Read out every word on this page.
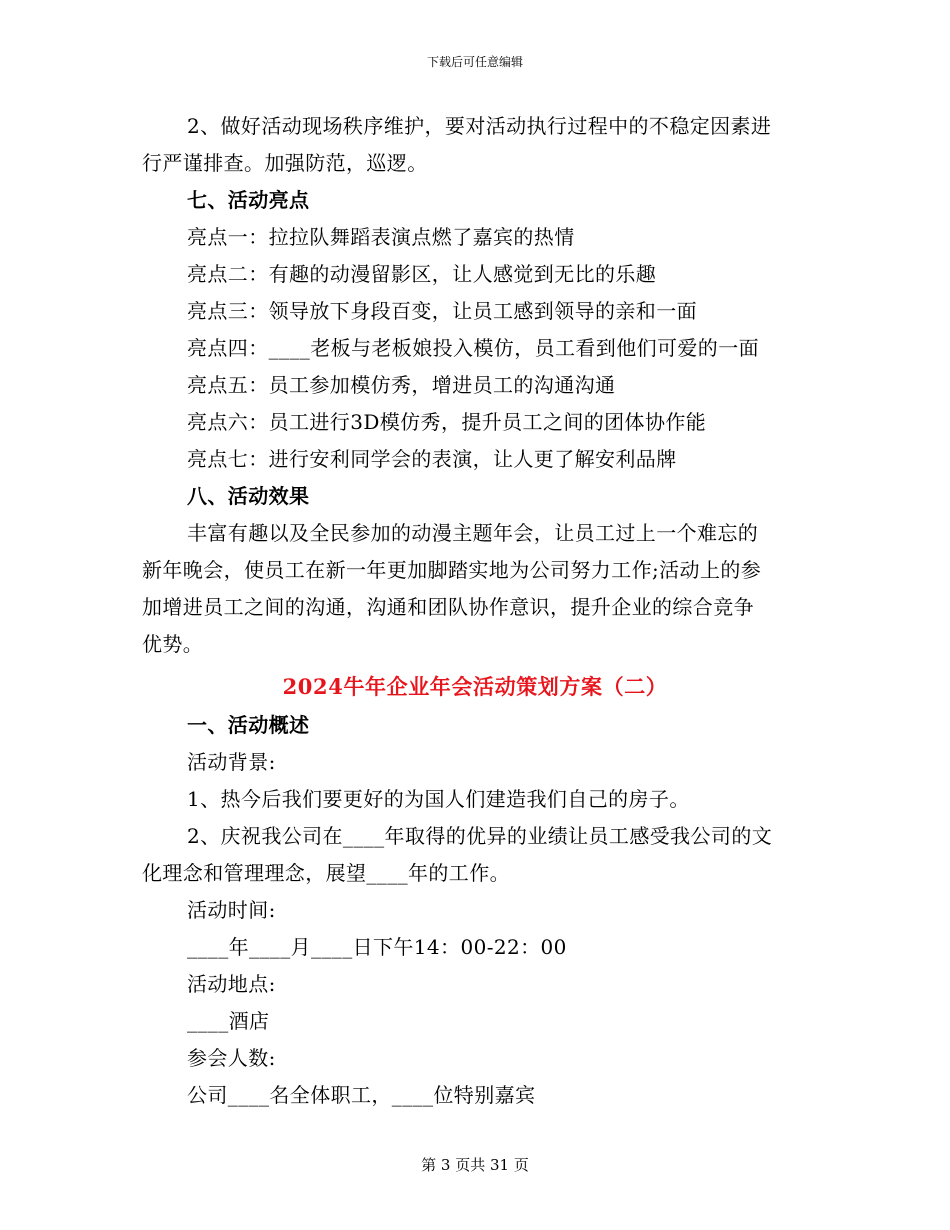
下载后可任意编辑

2、做好活动现场秩序维护，要对活动执行过程中的不稳定因素进
行严谨排查。加强防范，巡逻。

七、活动亮点

亮点一：拉拉队舞蹈表演点燃了嘉宾的热情

亮点二：有趣的动漫留影区，让人感觉到无比的乐趣

亮点三：领导放下身段百变，让员工感到领导的亲和一面

亮点四：____老板与老板娘投入模仿，员工看到他们可爱的一面

亮点五：员工参加模仿秀，增进员工的沟通沟通

亮点六：员工进行3D模仿秀，提升员工之间的团体协作能

亮点七：进行安利同学会的表演，让人更了解安利品牌

八、活动效果

丰富有趣以及全民参加的动漫主题年会，让员工过上一个难忘的
新年晚会，使员工在新一年更加脚踏实地为公司努力工作;活动上的参
加增进员工之间的沟通，沟通和团队协作意识，提升企业的综合竞争
优势。

2024牛年企业年会活动策划方案（二）

一、活动概述

活动背景:

1、热今后我们要更好的为国人们建造我们自己的房子。

2、庆祝我公司在____年取得的优异的业绩让员工感受我公司的文
化理念和管理理念，展望____年的工作。

活动时间:

____年____月____日下午14：00-22：00

活动地点:

____酒店

参会人数:

公司____名全体职工，____位特别嘉宾

第 3 页共 31 页
